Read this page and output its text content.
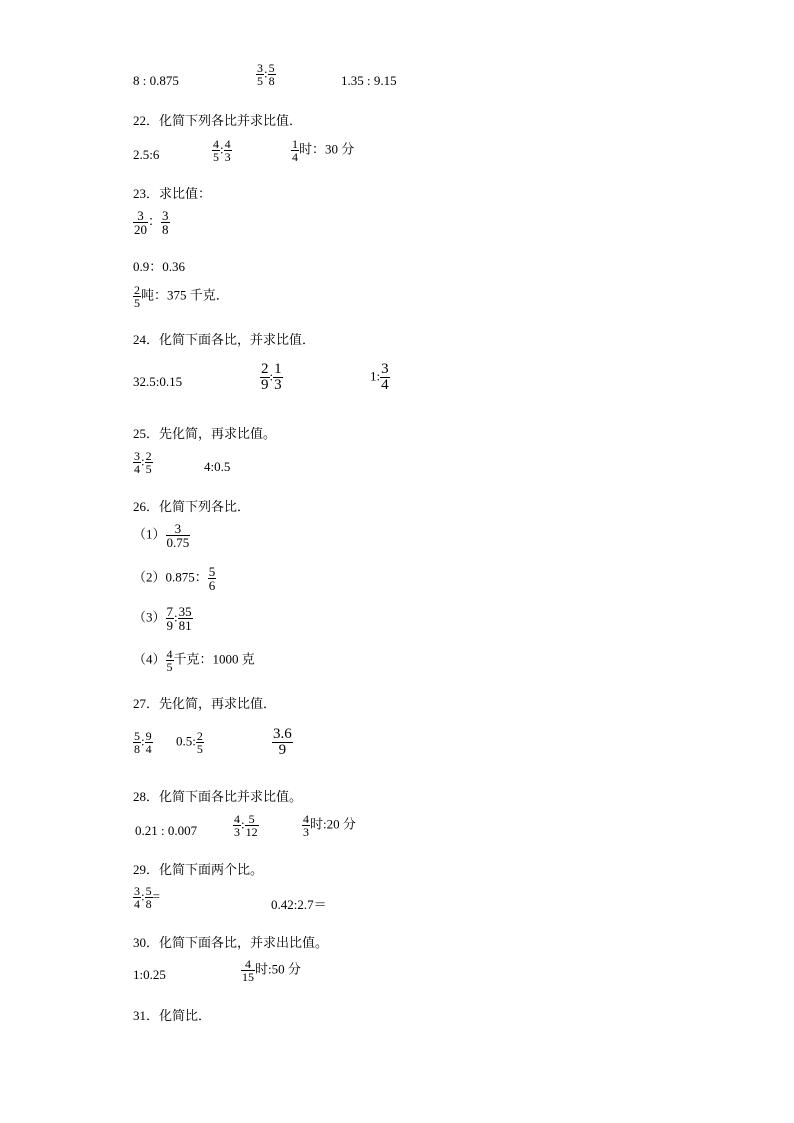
8 : 0.875	$\frac{3}{5}$ : $\frac{5}{8}$	1.35 : 9.15
22．化简下列各比并求比值．
2.5:6	$\frac{4}{5}$ : $\frac{4}{3}$	$\frac{1}{4}$ 时：30 分
23．求比值：
$\frac{3}{20}$ ： $\frac{3}{8}$
0.9：0.36
$\frac{2}{5}$ 吨：375 千克．
24．化简下面各比，并求比值．
32.5:0.15	$\frac{2}{9}$ : $\frac{1}{3}$	1: $\frac{3}{4}$
25．先化简，再求比值。
$\frac{3}{4}$ : $\frac{2}{5}$	4:0.5
26．化简下列各比．
$(1) \frac{3}{0.75}$
（2）0.875： $\frac{5}{6}$
$(3) \frac{7}{9}$ : $\frac{35}{81}$
$(4) \frac{4}{5}$ 千克：1000 克
27．先化简，再求比值．
$\frac{5}{8}$ : $\frac{9}{4} 0.5$: $\frac{2}{5}$	$\frac{3.6}{9}$
28．化简下面各比并求比值。
0.21 : 0.007	$\frac{4}{3}$ : $\frac{5}{12}$	$\frac{4}{3}$ 时:20 分
29．化简下面两个比。
$\frac{3}{4}$ : $\frac{5}{8}$ =
0.42:2.7＝
30．化简下面各比，并求出比值。
1:0.25	$\frac{4}{15}$ 时:50 分
31．化简比．
